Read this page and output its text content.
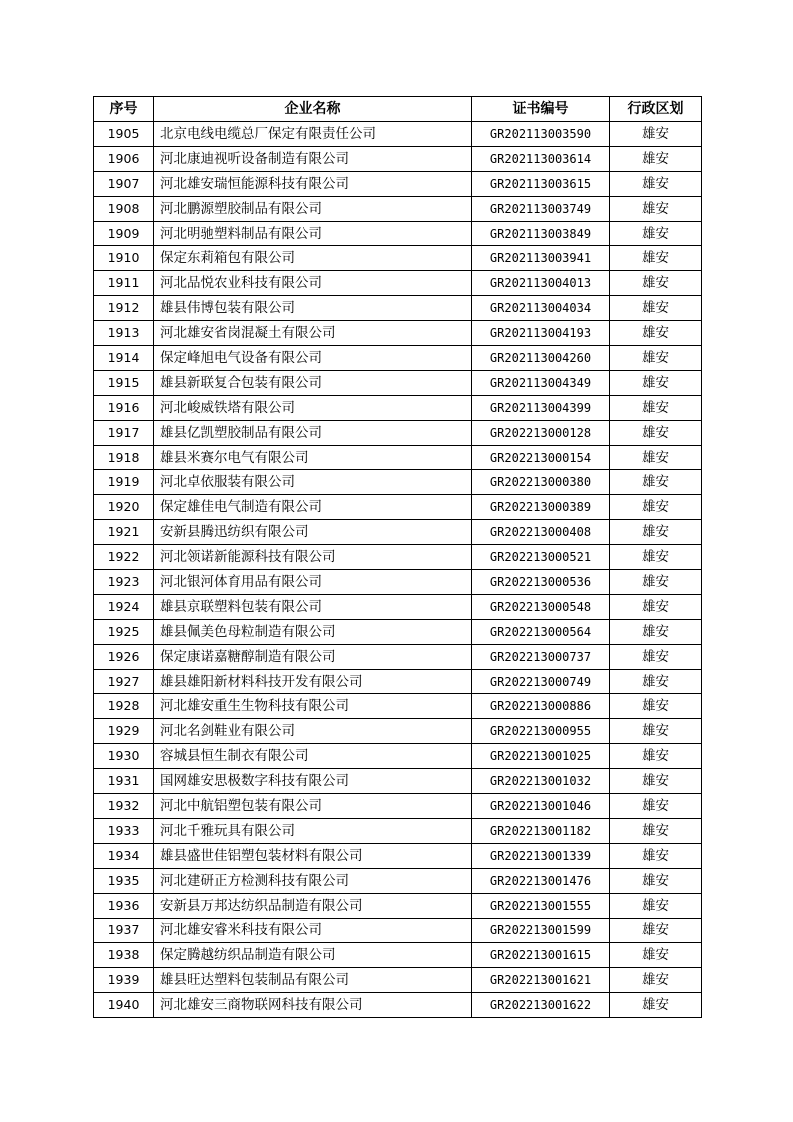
序号	企业名称	证书编号	行政区划
1905	北京电线电缆总厂保定有限责任公司	GR202113003590	雄安
1906	河北康迪视听设备制造有限公司	GR202113003614	雄安
1907	河北雄安瑞恒能源科技有限公司	GR202113003615	雄安
1908	河北鹏源塑胶制品有限公司	GR202113003749	雄安
1909	河北明驰塑料制品有限公司	GR202113003849	雄安
1910	保定东莉箱包有限公司	GR202113003941	雄安
1911	河北品悦农业科技有限公司	GR202113004013	雄安
1912	雄县伟博包装有限公司	GR202113004034	雄安
1913	河北雄安省岗混凝土有限公司	GR202113004193	雄安
1914	保定峰旭电气设备有限公司	GR202113004260	雄安
1915	雄县新联复合包装有限公司	GR202113004349	雄安
1916	河北峻威铁塔有限公司	GR202113004399	雄安
1917	雄县亿凯塑胶制品有限公司	GR202213000128	雄安
1918	雄县米赛尔电气有限公司	GR202213000154	雄安
1919	河北卓依服装有限公司	GR202213000380	雄安
1920	保定雄佳电气制造有限公司	GR202213000389	雄安
1921	安新县腾迅纺织有限公司	GR202213000408	雄安
1922	河北领诺新能源科技有限公司	GR202213000521	雄安
1923	河北银河体育用品有限公司	GR202213000536	雄安
1924	雄县京联塑料包装有限公司	GR202213000548	雄安
1925	雄县佩美色母粒制造有限公司	GR202213000564	雄安
1926	保定康诺嘉糖醇制造有限公司	GR202213000737	雄安
1927	雄县雄阳新材料科技开发有限公司	GR202213000749	雄安
1928	河北雄安重生生物科技有限公司	GR202213000886	雄安
1929	河北名剑鞋业有限公司	GR202213000955	雄安
1930	容城县恒生制衣有限公司	GR202213001025	雄安
1931	国网雄安思极数字科技有限公司	GR202213001032	雄安
1932	河北中航铝塑包装有限公司	GR202213001046	雄安
1933	河北千雅玩具有限公司	GR202213001182	雄安
1934	雄县盛世佳铝塑包装材料有限公司	GR202213001339	雄安
1935	河北建研正方检测科技有限公司	GR202213001476	雄安
1936	安新县万邦达纺织品制造有限公司	GR202213001555	雄安
1937	河北雄安睿米科技有限公司	GR202213001599	雄安
1938	保定腾越纺织品制造有限公司	GR202213001615	雄安
1939	雄县旺达塑料包装制品有限公司	GR202213001621	雄安
1940	河北雄安三商物联网科技有限公司	GR202213001622	雄安
